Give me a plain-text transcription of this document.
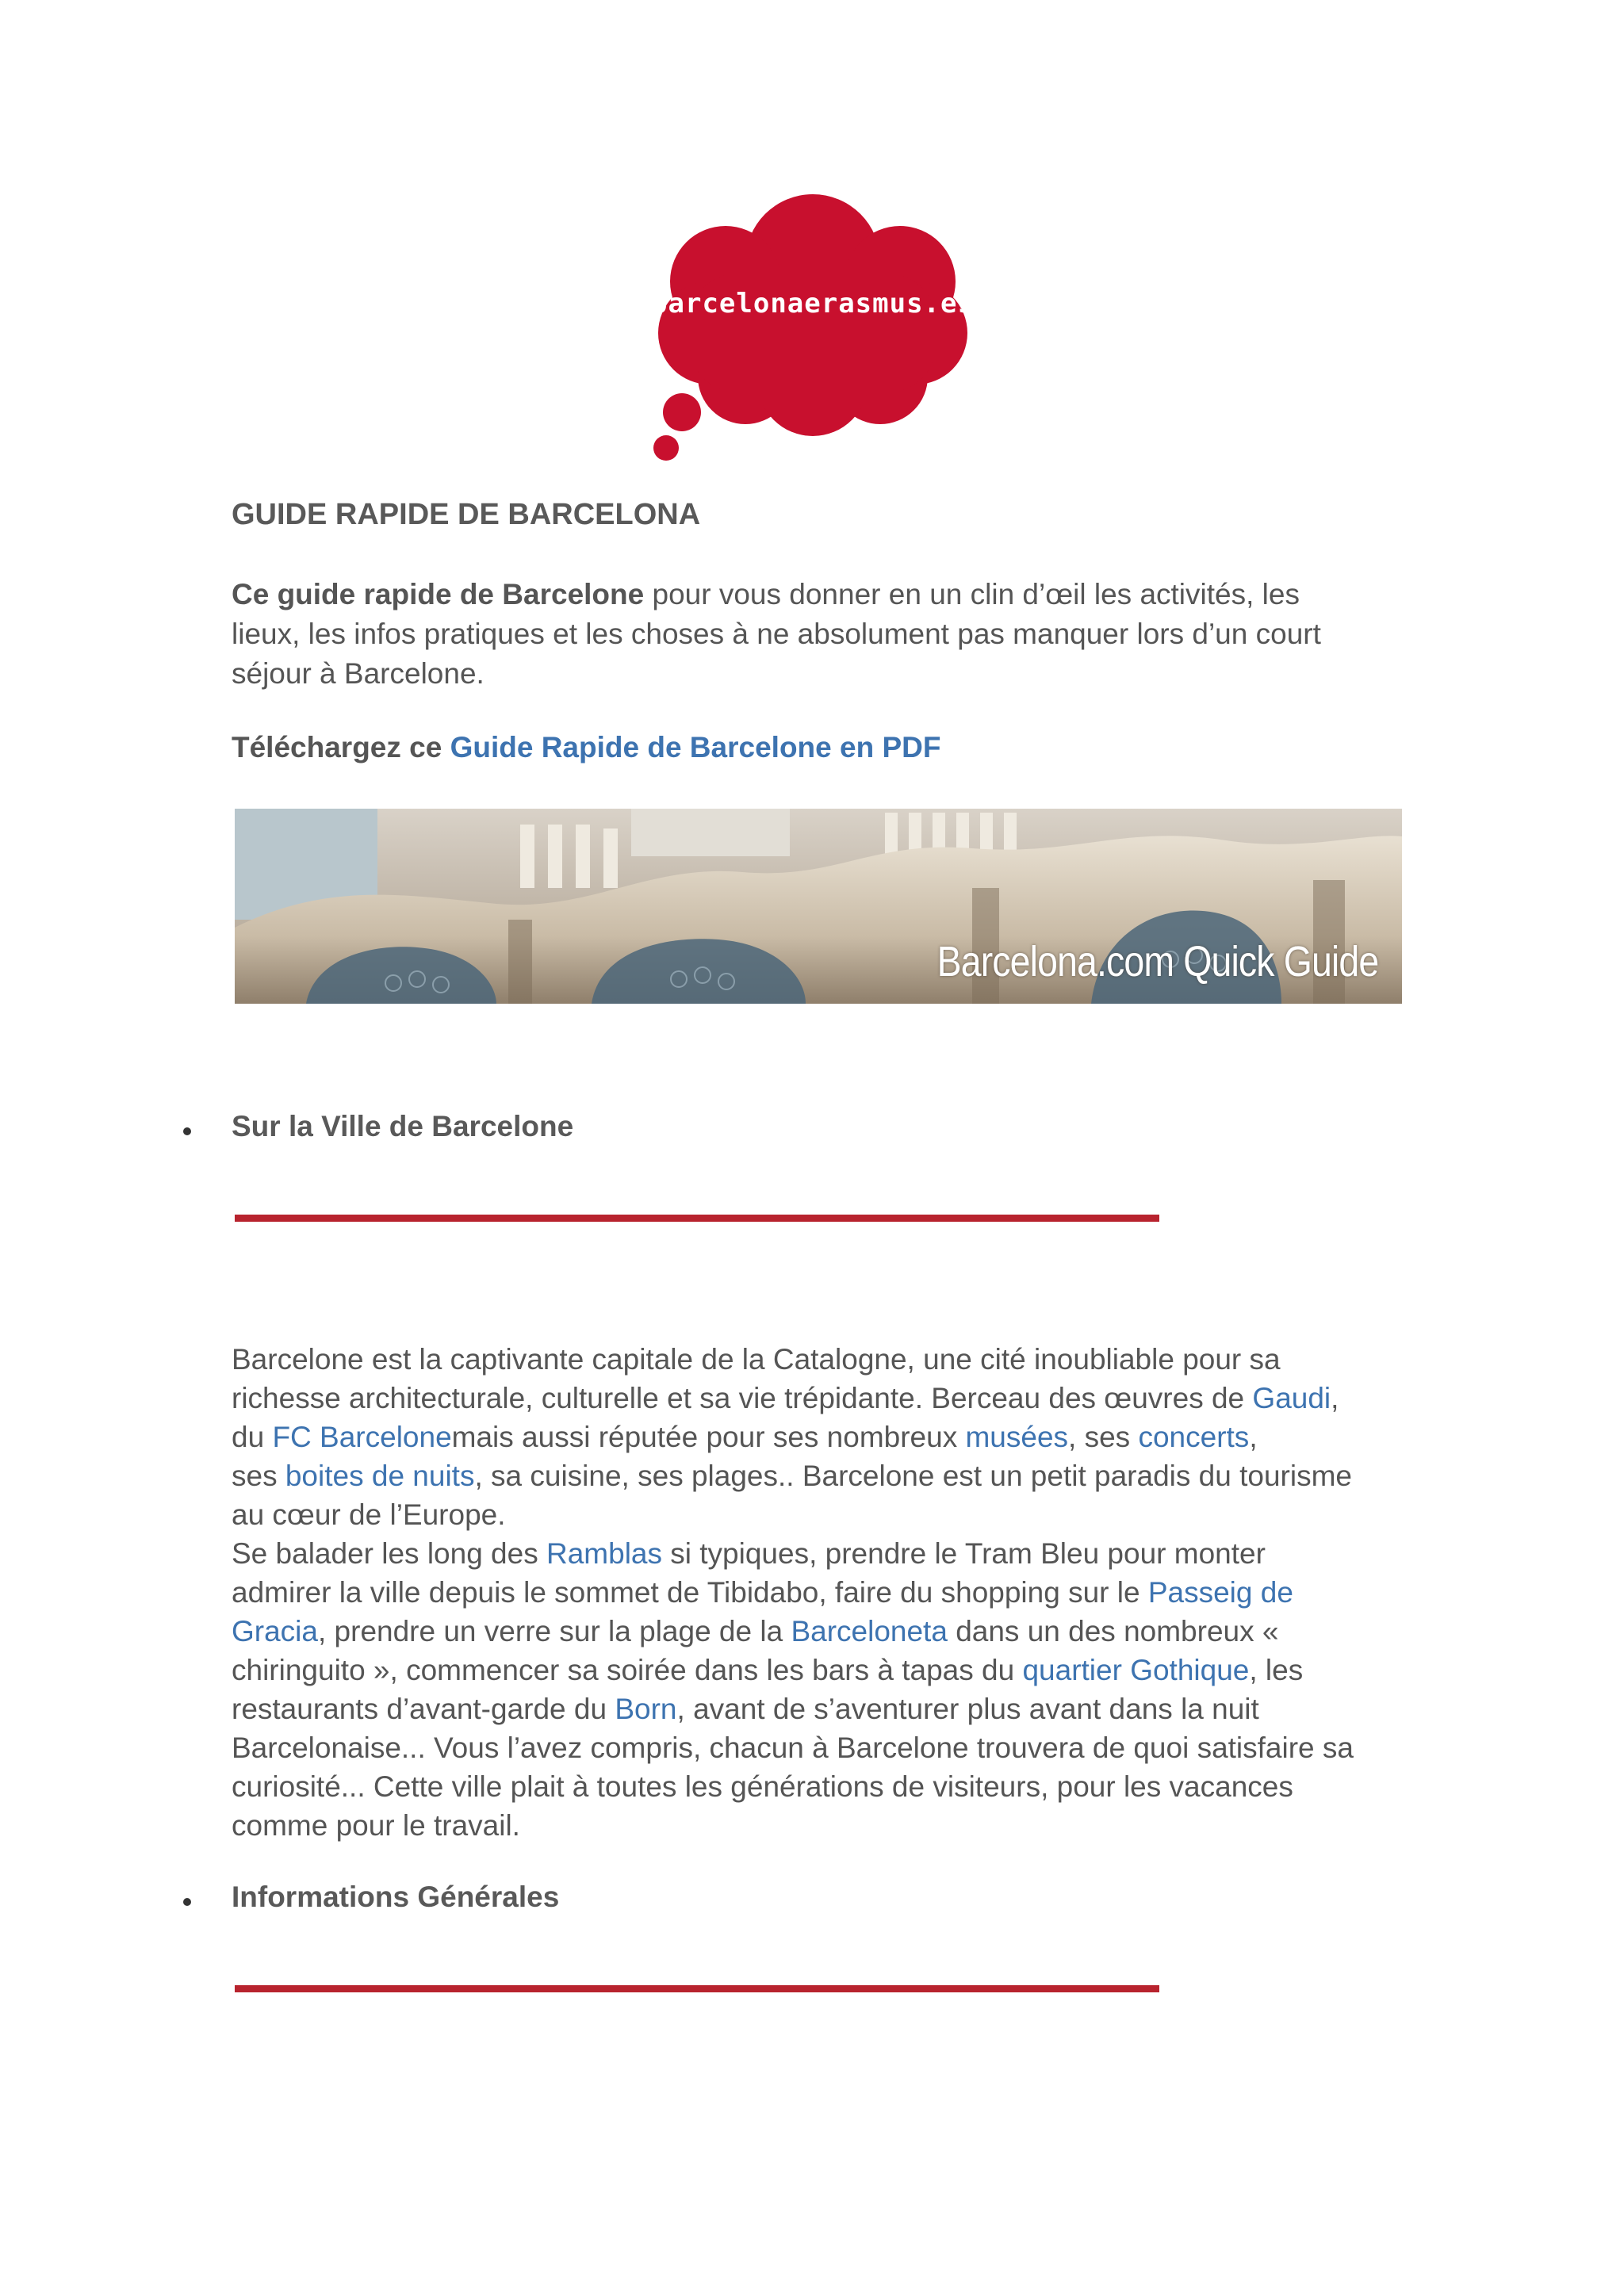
barcelonaerasmus.es
GUIDE RAPIDE DE BARCELONA
Ce guide rapide de Barcelone pour vous donner en un clin d’œil les activités, les
lieux, les infos pratiques et les choses à ne absolument pas manquer lors d’un court
séjour à Barcelone.
Téléchargez ce Guide Rapide de Barcelone en PDF
Barcelona.com Quick Guide
Sur la Ville de Barcelone
Barcelone est la captivante capitale de la Catalogne, une cité inoubliable pour sa
richesse architecturale, culturelle et sa vie trépidante. Berceau des œuvres de Gaudi,
du FC Barcelonemais aussi réputée pour ses nombreux musées, ses concerts,
ses boites de nuits, sa cuisine, ses plages.. Barcelone est un petit paradis du tourisme
au cœur de l’Europe.
Se balader les long des Ramblas si typiques, prendre le Tram Bleu pour monter
admirer la ville depuis le sommet de Tibidabo, faire du shopping sur le Passeig de
Gracia, prendre un verre sur la plage de la Barceloneta dans un des nombreux «
chiringuito », commencer sa soirée dans les bars à tapas du quartier Gothique, les
restaurants d’avant-garde du Born, avant de s’aventurer plus avant dans la nuit
Barcelonaise... Vous l’avez compris, chacun à Barcelone trouvera de quoi satisfaire sa
curiosité... Cette ville plait à toutes les générations de visiteurs, pour les vacances
comme pour le travail.
Informations Générales
